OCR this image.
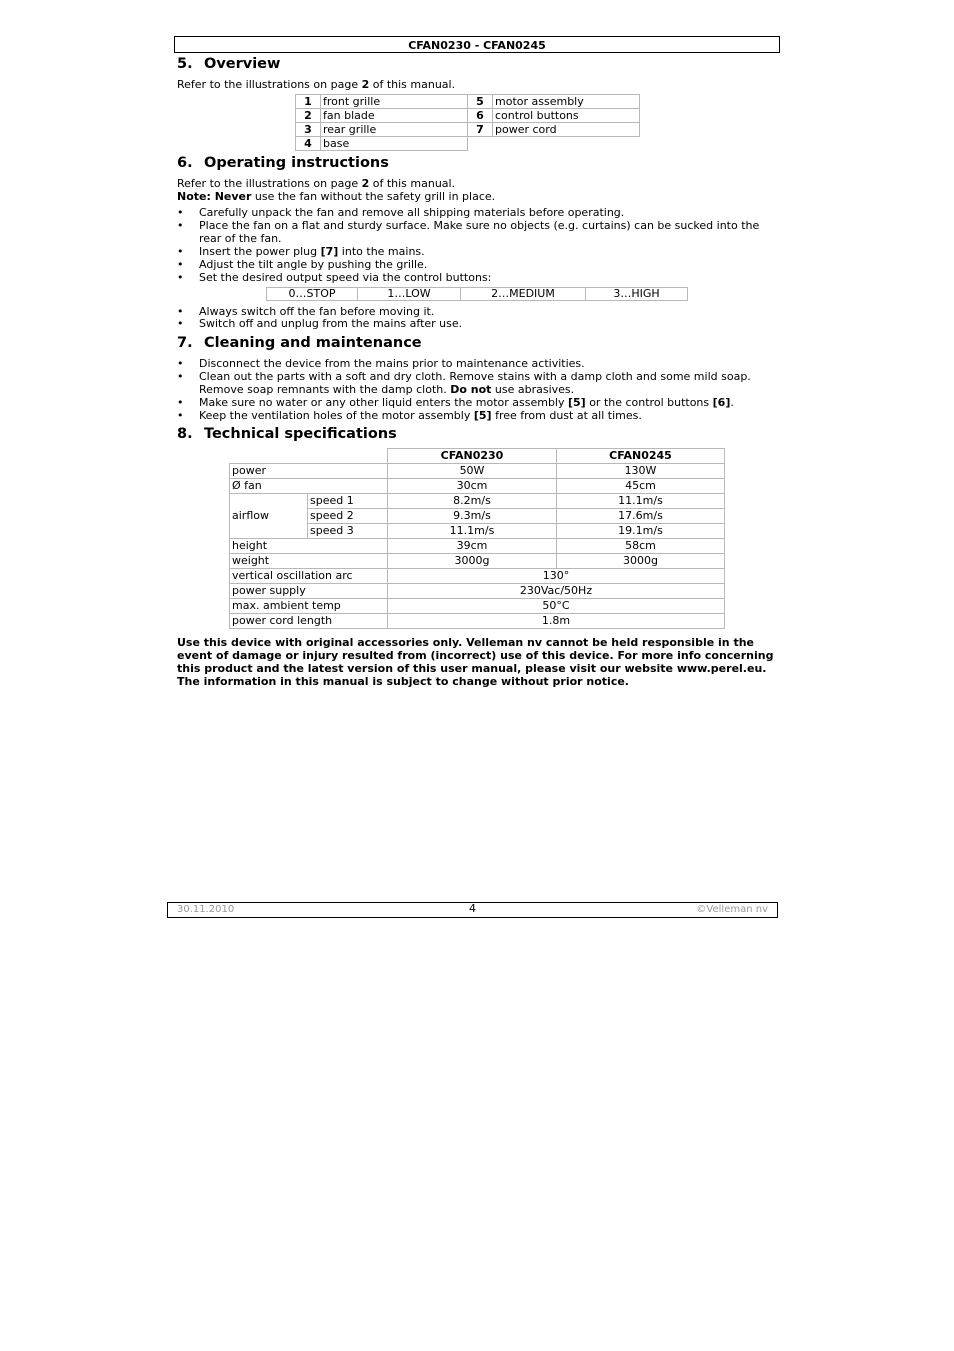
CFAN0230 - CFAN0245
5. Overview
Refer to the illustrations on page 2 of this manual.
1	front grille	5	motor assembly
2	fan blade	6	control buttons
3	rear grille	7	power cord
4	base		
6. Operating instructions
Refer to the illustrations on page 2 of this manual.
Note: Never use the fan without the safety grill in place.
• Carefully unpack the fan and remove all shipping materials before operating.
• Place the fan on a flat and sturdy surface. Make sure no objects (e.g. curtains) can be sucked into the rear of the fan.
• Insert the power plug [7] into the mains.
• Adjust the tilt angle by pushing the grille.
• Set the desired output speed via the control buttons:
0…STOP	1…LOW	2…MEDIUM	3…HIGH
• Always switch off the fan before moving it.
• Switch off and unplug from the mains after use.
7. Cleaning and maintenance
• Disconnect the device from the mains prior to maintenance activities.
• Clean out the parts with a soft and dry cloth. Remove stains with a damp cloth and some mild soap. Remove soap remnants with the damp cloth. Do not use abrasives.
• Make sure no water or any other liquid enters the motor assembly [5] or the control buttons [6].
• Keep the ventilation holes of the motor assembly [5] free from dust at all times.
8. Technical specifications
		CFAN0230	CFAN0245
power		50W	130W
Ø fan		30cm	45cm
airflow	speed 1	8.2m/s	11.1m/s
	speed 2	9.3m/s	17.6m/s
	speed 3	11.1m/s	19.1m/s
height		39cm	58cm
weight		3000g	3000g
vertical oscillation arc		130°	
power supply		230Vac/50Hz	
max. ambient temp		50°C	
power cord length		1.8m	
Use this device with original accessories only. Velleman nv cannot be held responsible in the event of damage or injury resulted from (incorrect) use of this device. For more info concerning this product and the latest version of this user manual, please visit our website www.perel.eu. The information in this manual is subject to change without prior notice.
30.11.2010	4	©Velleman nv
